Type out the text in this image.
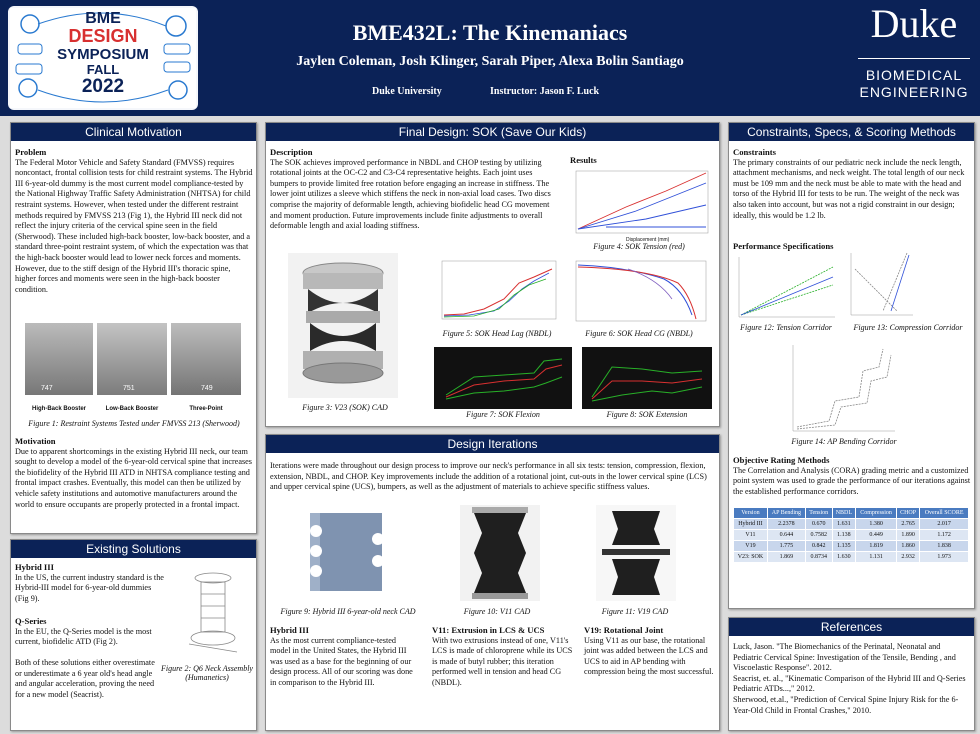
BME
DESIGN
SYMPOSIUM
FALL
2022
BME432L: The Kinemaniacs
Jaylen Coleman, Josh Klinger, Sarah Piper, Alexa Bolin Santiago
Duke University	Instructor: Jason F. Luck
Duke
BIOMEDICAL
ENGINEERING
Clinical Motivation
Problem
The Federal Motor Vehicle and Safety Standard (FMVSS) requires noncontact, frontal collision tests for child restraint systems. The Hybrid III 6-year-old dummy is the most current model compliance-tested by the National Highway Traffic Safety Administration (NHTSA) for child restraint systems. However, when tested under the different restraint methods required by FMVSS 213 (Fig 1), the Hybrid III neck did not reflect the injury criteria of the cervical spine seen in the field (Sherwood). These included high-back booster, low-back booster, and a standard three-point restraint system, of which the expectation was that the high-back booster would lead to lower neck forces and moments. However, due to the stiff design of the Hybrid III's thoracic spine, higher forces and moments were seen in the high-back booster condition.
747	751	749
High-Back Booster	Low-Back Booster	Three-Point
Figure 1: Restraint Systems Tested under FMVSS 213 (Sherwood)
Motivation
Due to apparent shortcomings in the existing Hybrid III neck, our team sought to develop a model of the 6-year-old cervical spine that increases the biofidelity of the Hybrid III ATD in NHTSA compliance testing and frontal impact crashes. Eventually, this model can then be utilized by vehicle safety institutions and automotive manufacturers around the world to ensure occupants are properly protected in a frontal impact.
Existing Solutions
Hybrid III
In the US, the current industry standard is the Hybrid-III model for 6-year-old dummies (Fig 9).
Q-Series
In the EU, the Q-Series model is the most current, biofidelic ATD (Fig 2).
Both of these solutions either overestimate or underestimate a 6 year old's head angle and angular acceleration, proving the need for a new model (Seacrist).
Figure 2: Q6 Neck Assembly (Humanetics)
Final Design: SOK (Save Our Kids)
Description
The SOK achieves improved performance in NBDL and CHOP testing by utilizing rotational joints at the OC-C2 and C3-C4 representative heights. Each joint uses bumpers to provide limited free rotation before engaging an increase in stiffness. The lower joint utilizes a sleeve which stiffens the neck in non-axial load cases. Two discs comprise the majority of deformable length, achieving biofidelic head CG movement and moment production. Future improvements include finite adjustments to overall deformable length and axial loading stiffness.
Figure 3: V23 (SOK) CAD
Results
Displacement (mm)
Figure 4: SOK Tension (red)
Figure 5: SOK Head Lag (NBDL)	Figure 6: SOK Head CG (NBDL)
Figure 7: SOK Flexion	Figure 8: SOK Extension
Design Iterations
Iterations were made throughout our design process to improve our neck's performance in all six tests: tension, compression, flexion, extension, NBDL, and CHOP. Key improvements include the addition of a rotational joint, cut-outs in the lower cervical spine (LCS) and upper cervical spine (UCS), bumpers, as well as the adjustment of materials to achieve specific stiffness values.
Figure 9: Hybrid III 6-year-old neck CAD	Figure 10: V11 CAD	Figure 11: V19 CAD
Hybrid III
As the most current compliance-tested model in the United States, the Hybrid III was used as a base for the beginning of our design process. All of our scoring was done in comparison to the Hybrid III.
V11: Extrusion in LCS & UCS
With two extrusions instead of one, V11's LCS is made of chloroprene while its UCS is made of butyl rubber; this iteration performed well in tension and head CG (NBDL).
V19: Rotational Joint
Using V11 as our base, the rotational joint was added between the LCS and UCS to aid in AP bending with compression being the most successful.
Constraints, Specs, & Scoring Methods
Constraints
The primary constraints of our pediatric neck include the neck length, attachment mechanisms, and neck weight. The total length of our neck must be 109 mm and the neck must be able to mate with the head and torso of the Hybrid III for tests to be run. The weight of the neck was also taken into account, but was not a rigid constraint in our design; ideally, this would be 1.2 lb.
Performance Specifications
Figure 12: Tension Corridor	Figure 13: Compression Corridor
Figure 14: AP Bending Corridor
Objective Rating Methods
The Correlation and Analysis (CORA) grading metric and a customized point system was used to grade the performance of our iterations against the established performance corridors.
Version	AP Bending	Tension	NBDL	Compression	CHOP	Overall SCORE
Hybrid III	2.2378	0.670	1.631	1.380	2.765	2.017
V11	0.644	0.7582	1.138	0.449	1.890	1.172
V19	1.775	0.842	1.135	1.819	1.860	1.838
V23: SOK	1.869	0.8734	1.630	1.131	2.932	1.973
References
Luck, Jason. "The Biomechanics of the Perinatal, Neonatal and Pediatric Cervical Spine: Investigation of the Tensile, Bending , and Viscoelastic Response". 2012.
Seacrist, et. al., "Kinematic Comparison of the Hybrid III and Q-Series Pediatric ATDs...," 2012.
Sherwood, et.al., "Prediction of Cervical Spine Injury Risk for the 6-Year-Old Child in Frontal Crashes," 2010.
